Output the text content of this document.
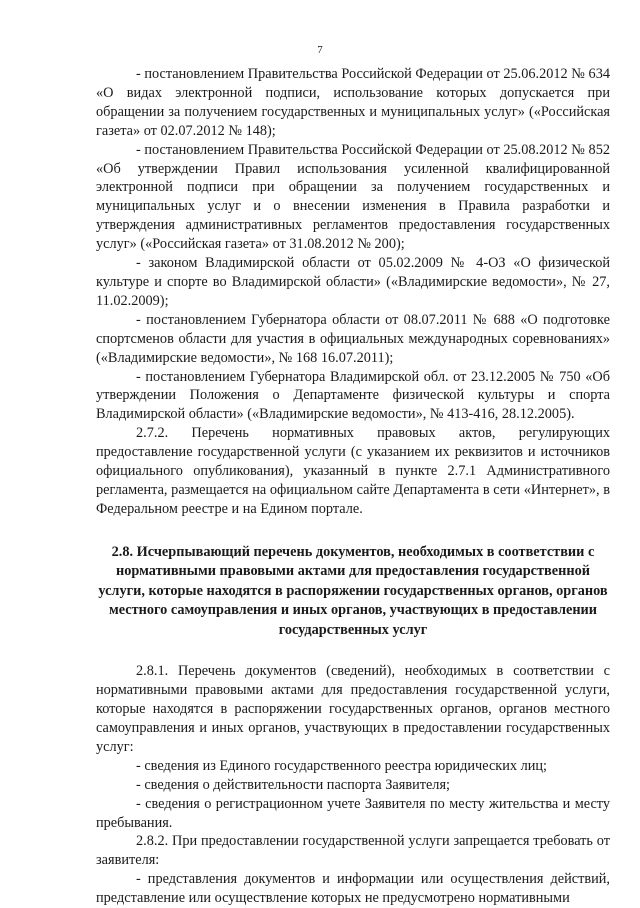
7

- постановлением Правительства Российской Федерации от 25.06.2012 № 634 «О видах электронной подписи, использование которых допускается при обращении за получением государственных и муниципальных услуг» («Российская газета» от 02.07.2012 № 148);

- постановлением Правительства Российской Федерации от 25.08.2012 № 852 «Об утверждении Правил использования усиленной квалифицированной электронной подписи при обращении за получением государственных и муниципальных услуг и о внесении изменения в Правила разработки и утверждения административных регламентов предоставления государственных услуг» («Российская газета» от 31.08.2012 № 200);

- законом Владимирской области от 05.02.2009 № 4-ОЗ «О физической культуре и спорте во Владимирской области» («Владимирские ведомости», № 27, 11.02.2009);

- постановлением Губернатора области от 08.07.2011 № 688 «О подготовке спортсменов области для участия в официальных международных соревнованиях» («Владимирские ведомости», № 168 16.07.2011);

- постановлением Губернатора Владимирской обл. от 23.12.2005 № 750 «Об утверждении Положения о Департаменте физической культуры и спорта Владимирской области» («Владимирские ведомости», № 413-416, 28.12.2005).

2.7.2. Перечень нормативных правовых актов, регулирующих предоставление государственной услуги (с указанием их реквизитов и источников официального опубликования), указанный в пункте 2.7.1 Административного регламента, размещается на официальном сайте Департамента в сети «Интернет», в Федеральном реестре и на Едином портале.

2.8. Исчерпывающий перечень документов, необходимых в соответствии с нормативными правовыми актами для предоставления государственной услуги, которые находятся в распоряжении государственных органов, органов местного самоуправления и иных органов, участвующих в предоставлении государственных услуг

2.8.1. Перечень документов (сведений), необходимых в соответствии с нормативными правовыми актами для предоставления государственной услуги, которые находятся в распоряжении государственных органов, органов местного самоуправления и иных органов, участвующих в предоставлении государственных услуг:

- сведения из Единого государственного реестра юридических лиц;

- сведения о действительности паспорта Заявителя;

- сведения о регистрационном учете Заявителя по месту жительства и месту пребывания.

2.8.2. При предоставлении государственной услуги запрещается требовать от заявителя:

- представления документов и информации или осуществления действий, представление или осуществление которых не предусмотрено нормативными
